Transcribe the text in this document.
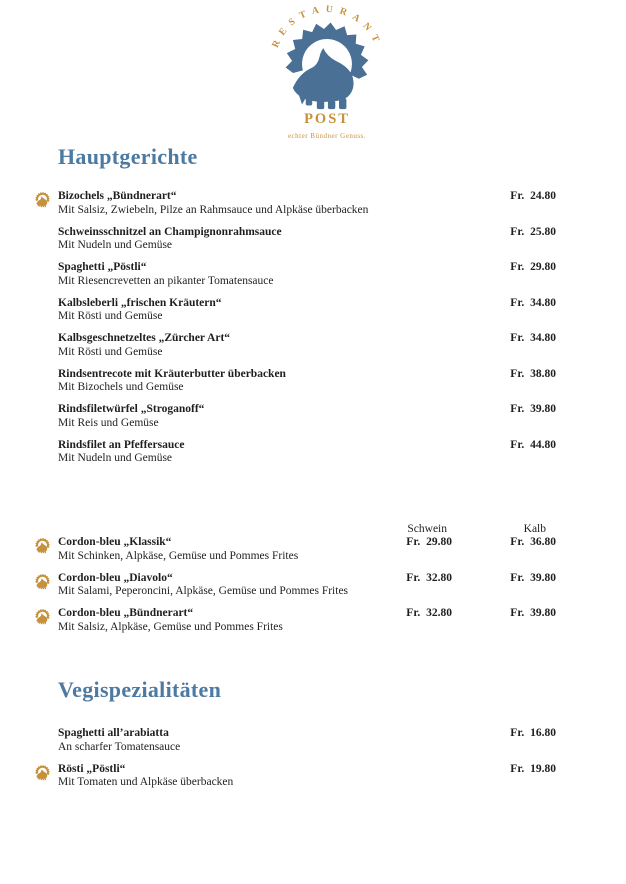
RESTAURANT
POST
echter Bündner Genuss.
Hauptgerichte
Bizochels „Bündnerart“
Mit Salsiz, Zwiebeln, Pilze an Rahmsauce und Alpkäse überbacken
Fr. 24.80
Schweinsschnitzel an Champignonrahmsauce
Mit Nudeln und Gemüse
Fr. 25.80
Spaghetti „Pöstli“
Mit Riesencrevetten an pikanter Tomatensauce
Fr. 29.80
Kalbsleberli „frischen Kräutern“
Mit Rösti und Gemüse
Fr. 34.80
Kalbsgeschnetzeltes „Zürcher Art“
Mit Rösti und Gemüse
Fr. 34.80
Rindsentrecote mit Kräuterbutter überbacken
Mit Bizochels und Gemüse
Fr. 38.80
Rindsfiletwürfel „Stroganoff“
Mit Reis und Gemüse
Fr. 39.80
Rindsfilet an Pfeffersauce
Mit Nudeln und Gemüse
Fr. 44.80
Schwein	Kalb
Cordon-bleu „Klassik“
Mit Schinken, Alpkäse, Gemüse und Pommes Frites
Fr. 29.80	Fr. 36.80
Cordon-bleu „Diavolo“
Mit Salami, Peperoncini, Alpkäse, Gemüse und Pommes Frites
Fr. 32.80	Fr. 39.80
Cordon-bleu „Bündnerart“
Mit Salsiz, Alpkäse, Gemüse und Pommes Frites
Fr. 32.80	Fr. 39.80
Vegispezialitäten
Spaghetti all’arabiatta
An scharfer Tomatensauce
Fr. 16.80
Rösti „Pöstli“
Mit Tomaten und Alpkäse überbacken
Fr. 19.80
